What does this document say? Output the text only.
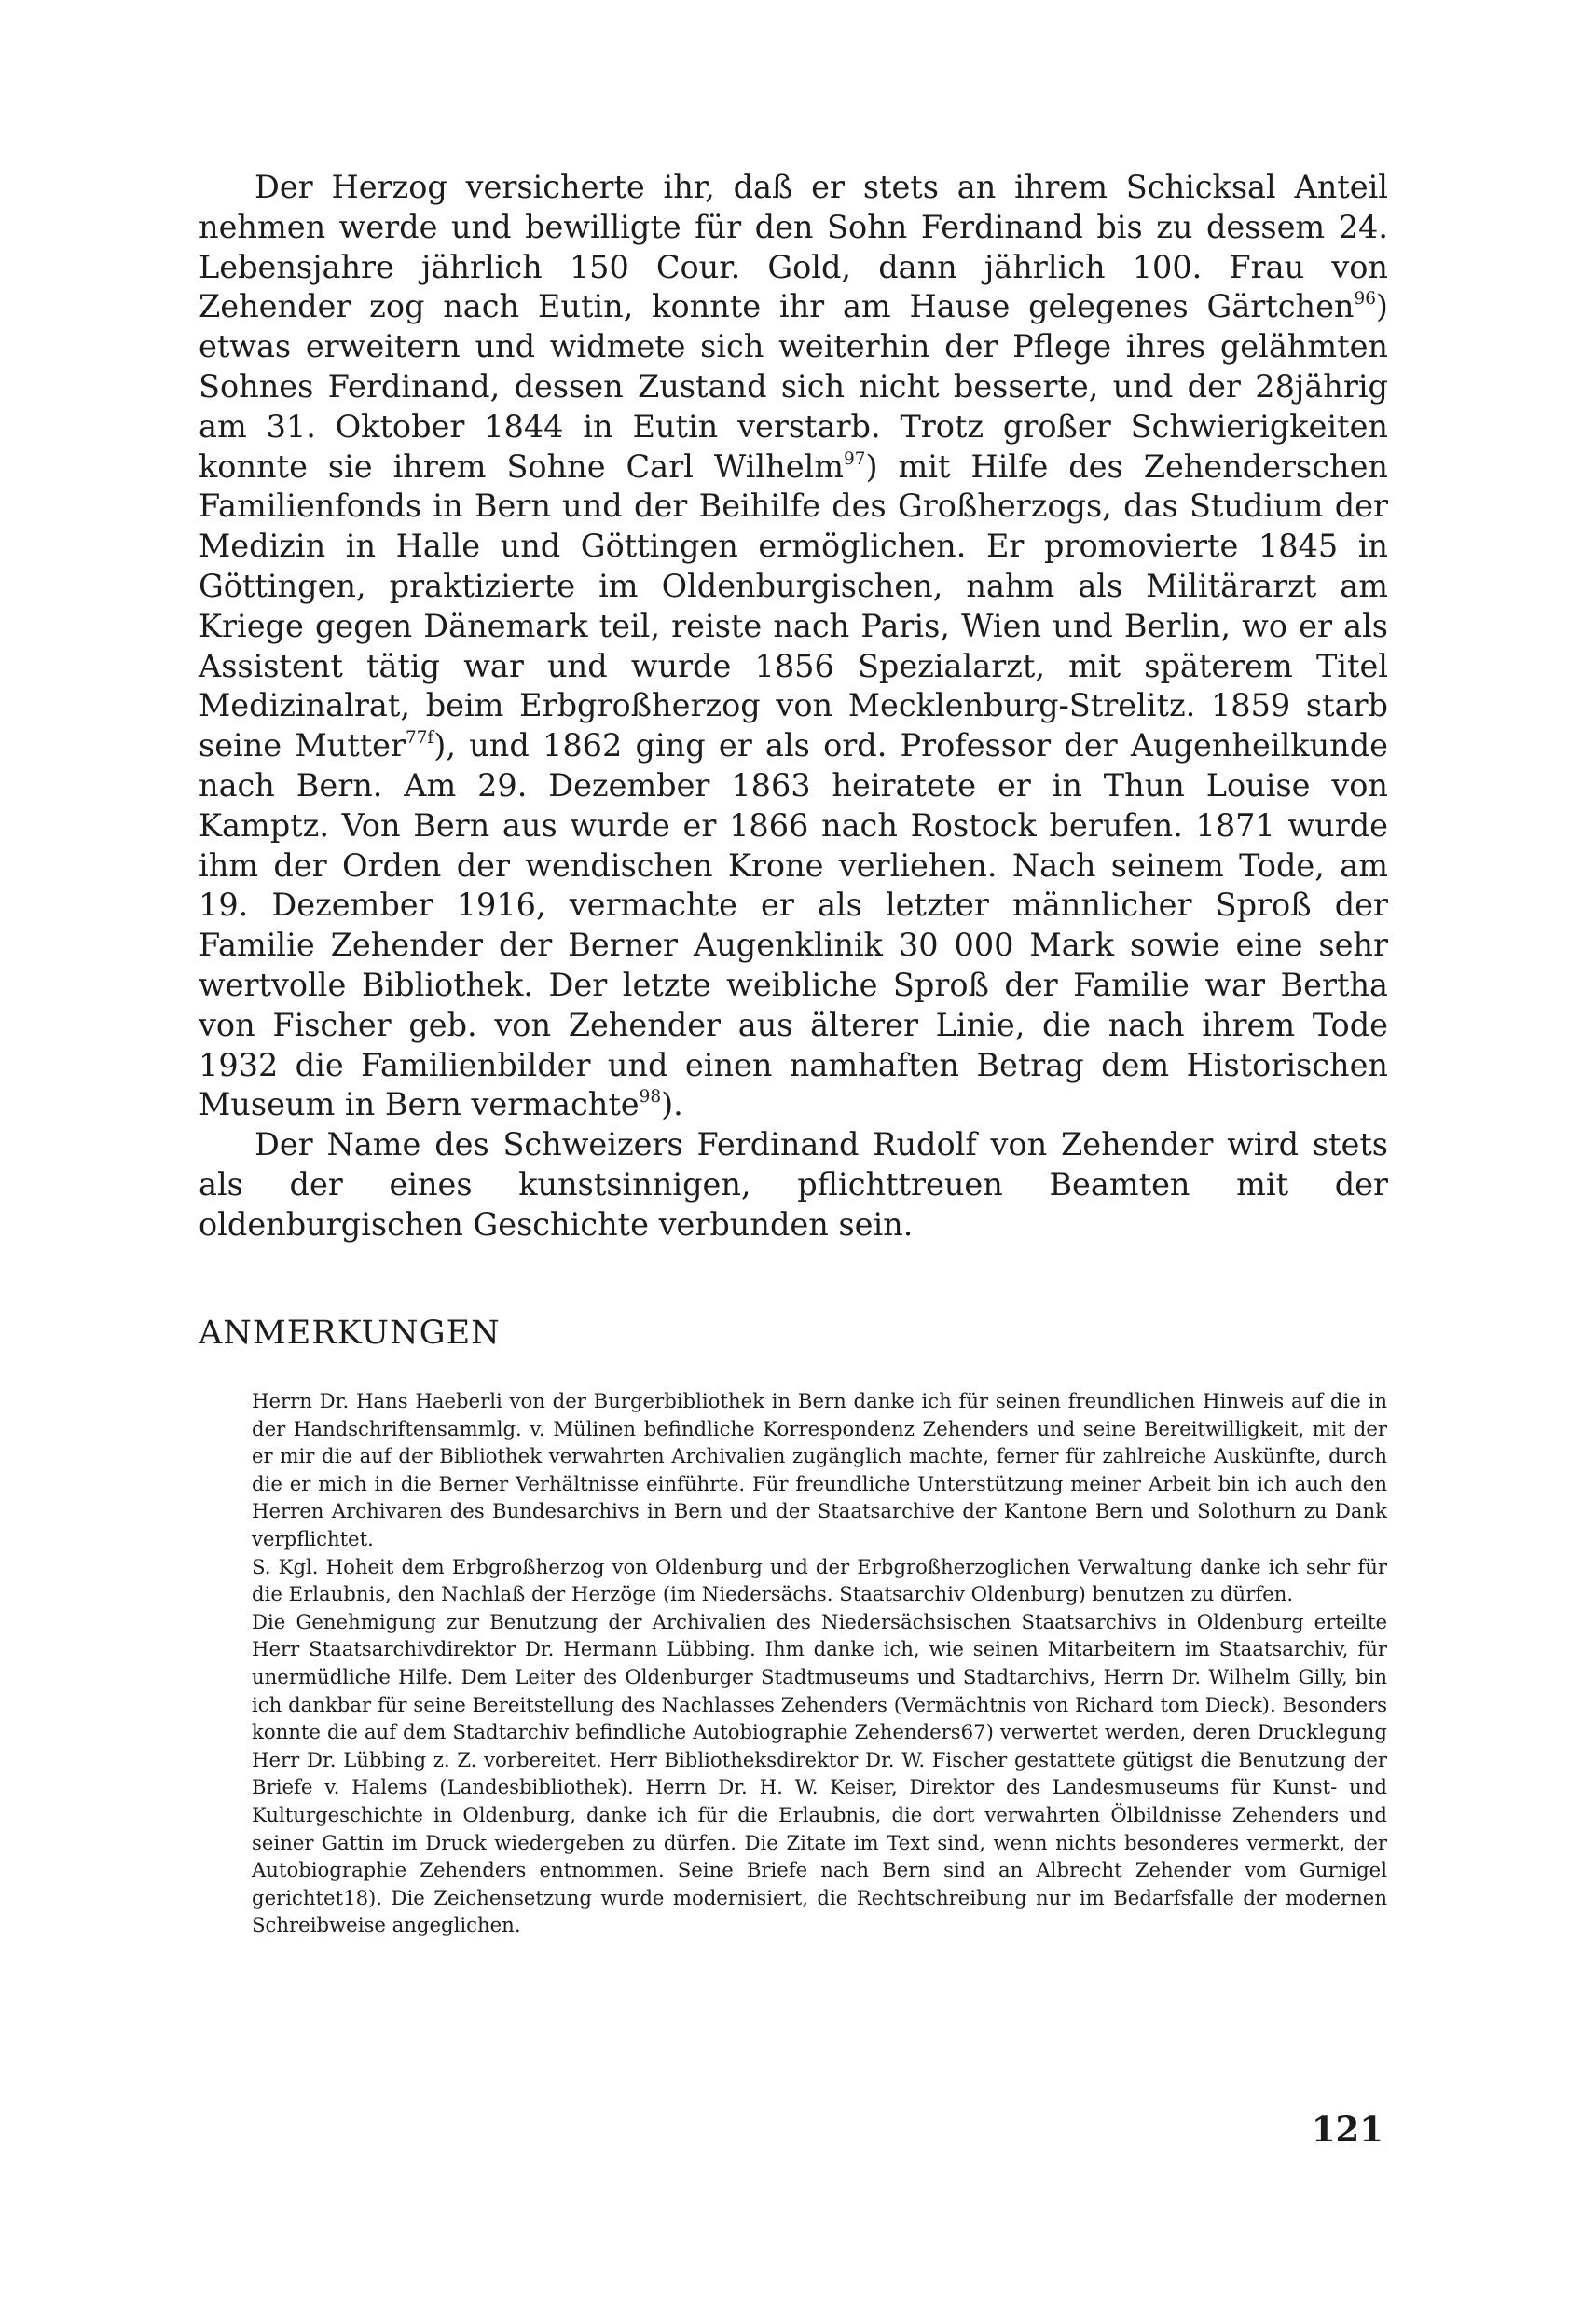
Der Herzog versicherte ihr, daß er stets an ihrem Schicksal Anteil nehmen werde und bewilligte für den Sohn Ferdinand bis zu dessem 24. Lebensjahre jährlich 150 Cour. Gold, dann jährlich 100. Frau von Zehender zog nach Eutin, konnte ihr am Hause gelegenes Gärtchen$^{96}$) etwas erweitern und widmete sich weiterhin der Pflege ihres gelähmten Sohnes Ferdinand, dessen Zustand sich nicht besserte, und der 28jährig am 31. Oktober 1844 in Eutin verstarb. Trotz großer Schwierigkeiten konnte sie ihrem Sohne Carl Wilhelm$^{97}$) mit Hilfe des Zehenderschen Familienfonds in Bern und der Beihilfe des Großherzogs, das Studium der Medizin in Halle und Göttingen ermöglichen. Er promovierte 1845 in Göttingen, praktizierte im Oldenburgischen, nahm als Militärarzt am Kriege gegen Dänemark teil, reiste nach Paris, Wien und Berlin, wo er als Assistent tätig war und wurde 1856 Spezialarzt, mit späterem Titel Medizinalrat, beim Erbgroßherzog von Mecklenburg-Strelitz. 1859 starb seine Mutter$^{77f}$), und 1862 ging er als ord. Professor der Augenheilkunde nach Bern. Am 29. Dezember 1863 heiratete er in Thun Louise von Kamptz. Von Bern aus wurde er 1866 nach Rostock berufen. 1871 wurde ihm der Orden der wendischen Krone verliehen. Nach seinem Tode, am 19. Dezember 1916, vermachte er als letzter männlicher Sproß der Familie Zehender der Berner Augenklinik 30 000 Mark sowie eine sehr wertvolle Bibliothek. Der letzte weibliche Sproß der Familie war Bertha von Fischer geb. von Zehender aus älterer Linie, die nach ihrem Tode 1932 die Familienbilder und einen namhaften Betrag dem Historischen Museum in Bern vermachte$^{98}$).

Der Name des Schweizers Ferdinand Rudolf von Zehender wird stets als der eines kunstsinnigen, pflichttreuen Beamten mit der oldenburgischen Geschichte verbunden sein.

ANMERKUNGEN

Herrn Dr. Hans Haeberli von der Burgerbibliothek in Bern danke ich für seinen freundlichen Hinweis auf die in der Handschriftensammlg. v. Mülinen befindliche Korrespondenz Zehenders und seine Bereitwilligkeit, mit der er mir die auf der Bibliothek verwahrten Archivalien zugänglich machte, ferner für zahlreiche Auskünfte, durch die er mich in die Berner Verhältnisse einführte. Für freundliche Unterstützung meiner Arbeit bin ich auch den Herren Archivaren des Bundesarchivs in Bern und der Staatsarchive der Kantone Bern und Solothurn zu Dank verpflichtet.

S. Kgl. Hoheit dem Erbgroßherzog von Oldenburg und der Erbgroßherzoglichen Verwaltung danke ich sehr für die Erlaubnis, den Nachlaß der Herzöge (im Niedersächs. Staatsarchiv Oldenburg) benutzen zu dürfen.

Die Genehmigung zur Benutzung der Archivalien des Niedersächsischen Staatsarchivs in Oldenburg erteilte Herr Staatsarchivdirektor Dr. Hermann Lübbing. Ihm danke ich, wie seinen Mitarbeitern im Staatsarchiv, für unermüdliche Hilfe. Dem Leiter des Oldenburger Stadtmuseums und Stadtarchivs, Herrn Dr. Wilhelm Gilly, bin ich dankbar für seine Bereitstellung des Nachlasses Zehenders (Vermächtnis von Richard tom Dieck). Besonders konnte die auf dem Stadtarchiv befindliche Autobiographie Zehenders67) verwertet werden, deren Drucklegung Herr Dr. Lübbing z. Z. vorbereitet. Herr Bibliotheksdirektor Dr. W. Fischer gestattete gütigst die Benutzung der Briefe v. Halems (Landesbibliothek). Herrn Dr. H. W. Keiser, Direktor des Landesmuseums für Kunst- und Kulturgeschichte in Oldenburg, danke ich für die Erlaubnis, die dort verwahrten Ölbildnisse Zehenders und seiner Gattin im Druck wiedergeben zu dürfen. Die Zitate im Text sind, wenn nichts besonderes vermerkt, der Autobiographie Zehenders entnommen. Seine Briefe nach Bern sind an Albrecht Zehender vom Gurnigel gerichtet18). Die Zeichensetzung wurde modernisiert, die Rechtschreibung nur im Bedarfsfalle der modernen Schreibweise angeglichen.

121
